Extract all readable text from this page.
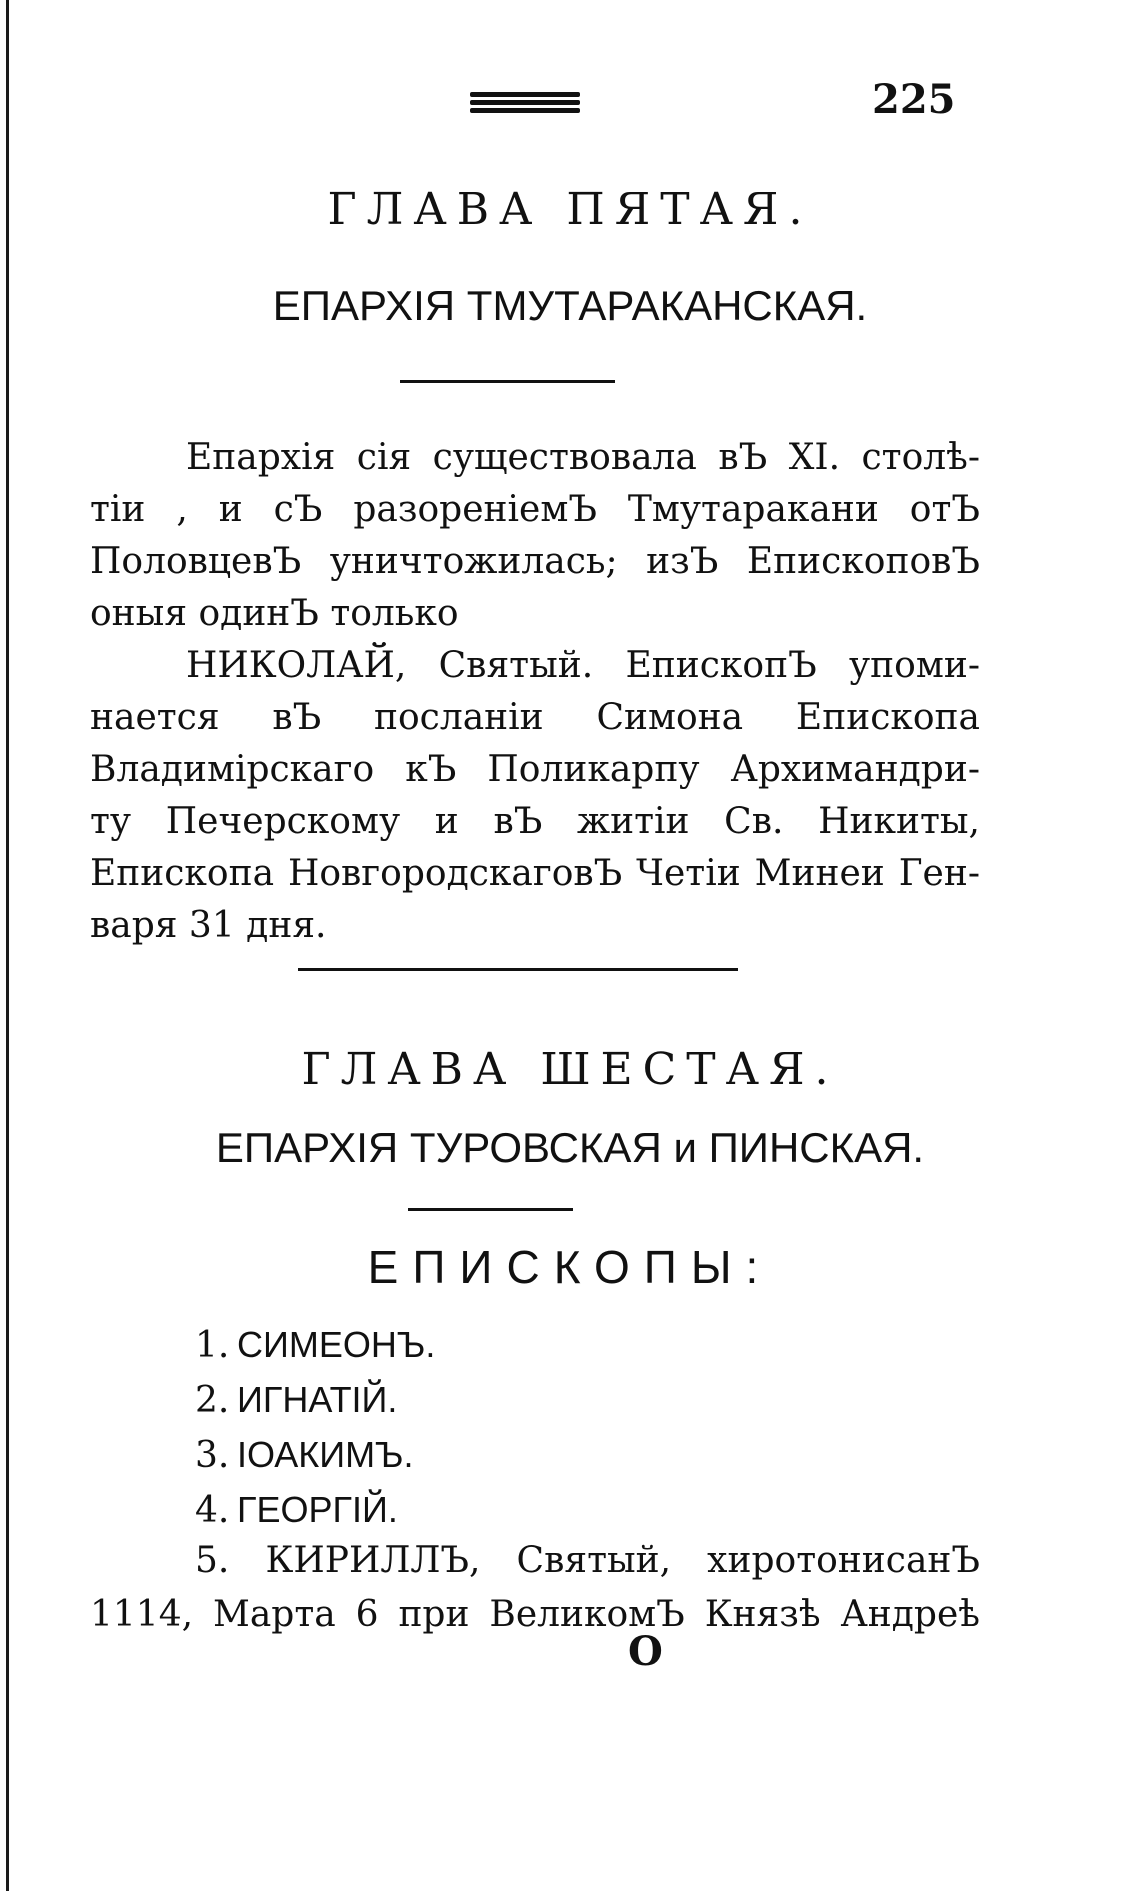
225
ГЛАВА ПЯТАЯ.
ЕПАРХІЯ ТМУТАРАКАНСКАЯ.
Епархія сія существовала вЪ XI. столѣ-
тіи , и сЪ разореніемЪ Тмутаракани отЪ
ПоловцевЪ уничтожилась; изЪ ЕпископовЪ
оныя одинЪ только
НИКОЛАЙ, Святый. ЕпископЪ упоми-
нается вЪ посланіи Симона Епископа
Владимірскаго кЪ Поликарпу Архимандри-
ту Печерскому и вЪ житіи Св. Никиты,
Епископа НовгородскаговЪ Четіи Минеи Ген-
варя 31 дня.
ГЛАВА ШЕСТАЯ.
ЕПАРХІЯ ТУРОВСКАЯ и ПИНСКАЯ.
ЕПИСКОПЫ:
1. СИМЕОНЪ.
2. ИГНАТІЙ.
3. ІОАКИМЪ.
4. ГЕОРГІЙ.
5. КИРИЛЛЪ, Святый, хиротонисанЪ
1114, Марта 6 при ВеликомЪ Князѣ Андреѣ
О
